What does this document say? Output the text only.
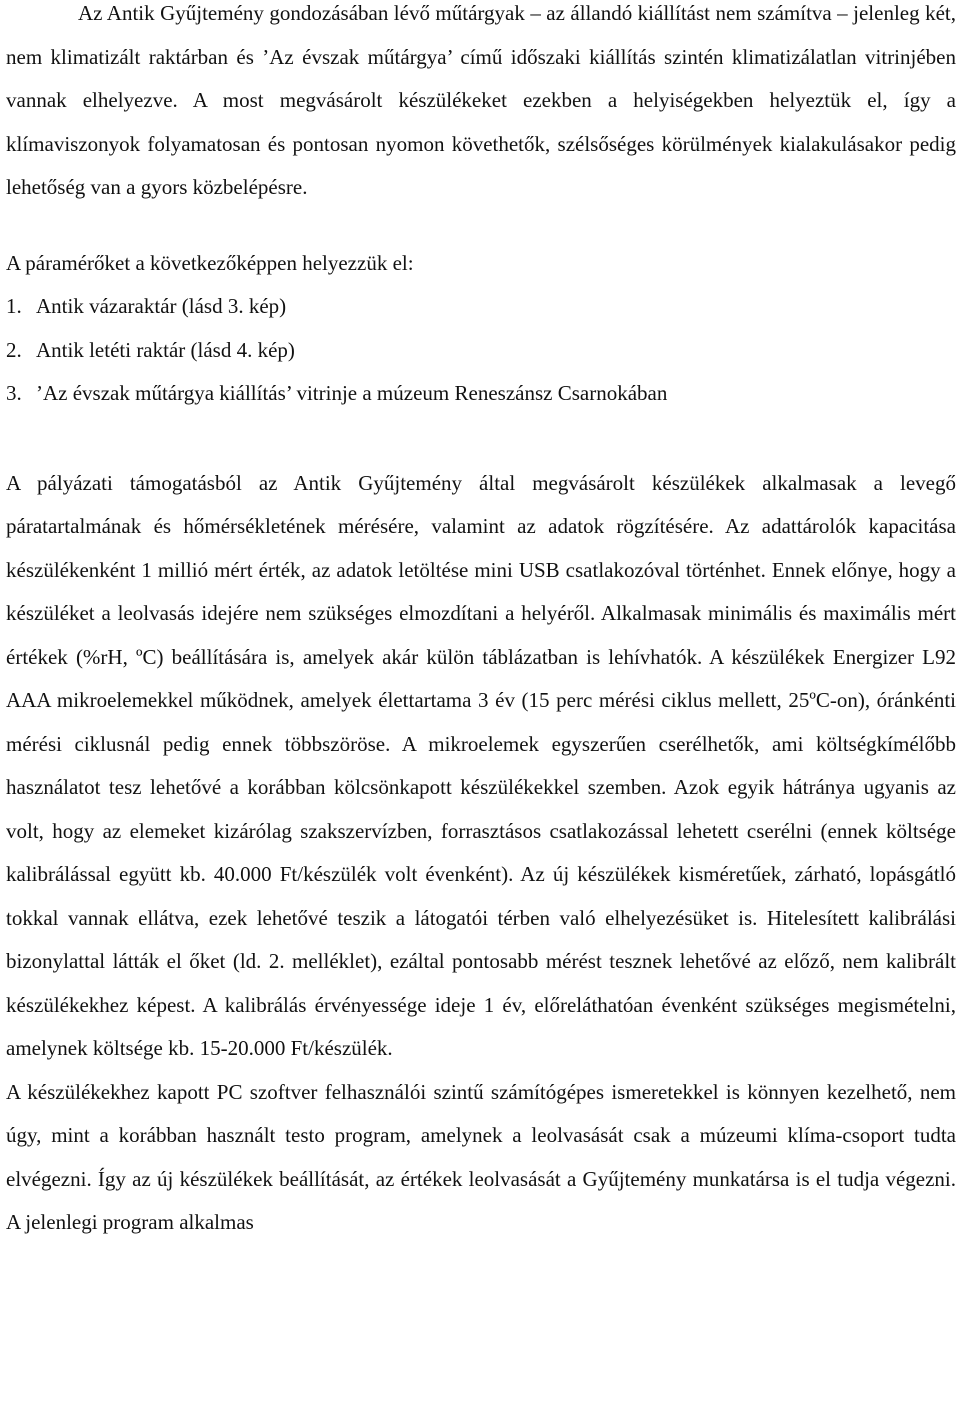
Az Antik Gyűjtemény gondozásában lévő műtárgyak – az állandó kiállítást nem számítva – jelenleg két, nem klimatizált raktárban és ’Az évszak műtárgya’ című időszaki kiállítás szintén klimatizálatlan vitrinjében vannak elhelyezve. A most megvásárolt készülékeket ezekben a helyiségekben helyeztük el, így a klímaviszonyok folyamatosan és pontosan nyomon követhetők, szélsőséges körülmények kialakulásakor pedig lehetőség van a gyors közbelépésre.

A páramérőket a következőképpen helyezzük el:

1. Antik vázaraktár (lásd 3. kép)
2. Antik letéti raktár (lásd 4. kép)
3. ’Az évszak műtárgya kiállítás’ vitrinje a múzeum Reneszánsz Csarnokában

A pályázati támogatásból az Antik Gyűjtemény által megvásárolt készülékek alkalmasak a levegő páratartalmának és hőmérsékletének mérésére, valamint az adatok rögzítésére. Az adattárolók kapacitása készülékenként 1 millió mért érték, az adatok letöltése mini USB csatlakozóval történhet. Ennek előnye, hogy a készüléket a leolvasás idejére nem szükséges elmozdítani a helyéről. Alkalmasak minimális és maximális mért értékek (%rH, ºC) beállítására is, amelyek akár külön táblázatban is lehívhatók. A készülékek Energizer L92 AAA mikroelemekkel működnek, amelyek élettartama 3 év (15 perc mérési ciklus mellett, 25ºC-on), óránkénti mérési ciklusnál pedig ennek többszöröse. A mikroelemek egyszerűen cserélhetők, ami költségkímélőbb használatot tesz lehetővé a korábban kölcsönkapott készülékekkel szemben. Azok egyik hátránya ugyanis az volt, hogy az elemeket kizárólag szakszervízben, forrasztásos csatlakozással lehetett cserélni (ennek költsége kalibrálással együtt kb. 40.000 Ft/készülék volt évenként). Az új készülékek kisméretűek, zárható, lopásgátló tokkal vannak ellátva, ezek lehetővé teszik a látogatói térben való elhelyezésüket is. Hitelesített kalibrálási bizonylattal látták el őket (ld. 2. melléklet), ezáltal pontosabb mérést tesznek lehetővé az előző, nem kalibrált készülékekhez képest. A kalibrálás érvényessége ideje 1 év, előreláthatóan évenként szükséges megismételni, amelynek költsége kb. 15-20.000 Ft/készülék.

A készülékekhez kapott PC szoftver felhasználói szintű számítógépes ismeretekkel is könnyen kezelhető, nem úgy, mint a korábban használt testo program, amelynek a leolvasását csak a múzeumi klíma-csoport tudta elvégezni. Így az új készülékek beállítását, az értékek leolvasását a Gyűjtemény munkatársa is el tudja végezni. A jelenlegi program alkalmas
